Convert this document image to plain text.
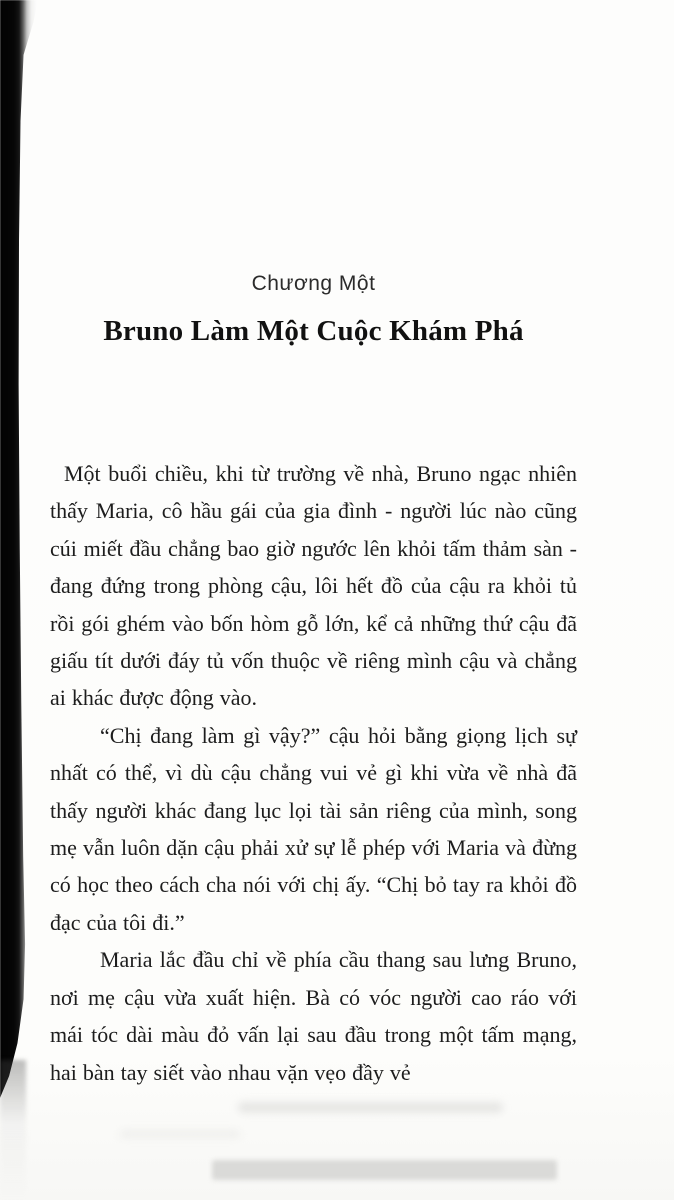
Chương Một
Bruno Làm Một Cuộc Khám Phá

Một buổi chiều, khi từ trường về nhà, Bruno ngạc nhiên thấy Maria, cô hầu gái của gia đình - người lúc nào cũng cúi miết đầu chẳng bao giờ ngước lên khỏi tấm thảm sàn - đang đứng trong phòng cậu, lôi hết đồ của cậu ra khỏi tủ rồi gói ghém vào bốn hòm gỗ lớn, kể cả những thứ cậu đã giấu tít dưới đáy tủ vốn thuộc về riêng mình cậu và chẳng ai khác được động vào.

“Chị đang làm gì vậy?” cậu hỏi bằng giọng lịch sự nhất có thể, vì dù cậu chẳng vui vẻ gì khi vừa về nhà đã thấy người khác đang lục lọi tài sản riêng của mình, song mẹ vẫn luôn dặn cậu phải xử sự lễ phép với Maria và đừng có học theo cách cha nói với chị ấy. “Chị bỏ tay ra khỏi đồ đạc của tôi đi.”

Maria lắc đầu chỉ về phía cầu thang sau lưng Bruno, nơi mẹ cậu vừa xuất hiện. Bà có vóc người cao ráo với mái tóc dài màu đỏ vấn lại sau đầu trong một tấm mạng, hai bàn tay siết vào nhau vặn vẹo đầy vẻ
